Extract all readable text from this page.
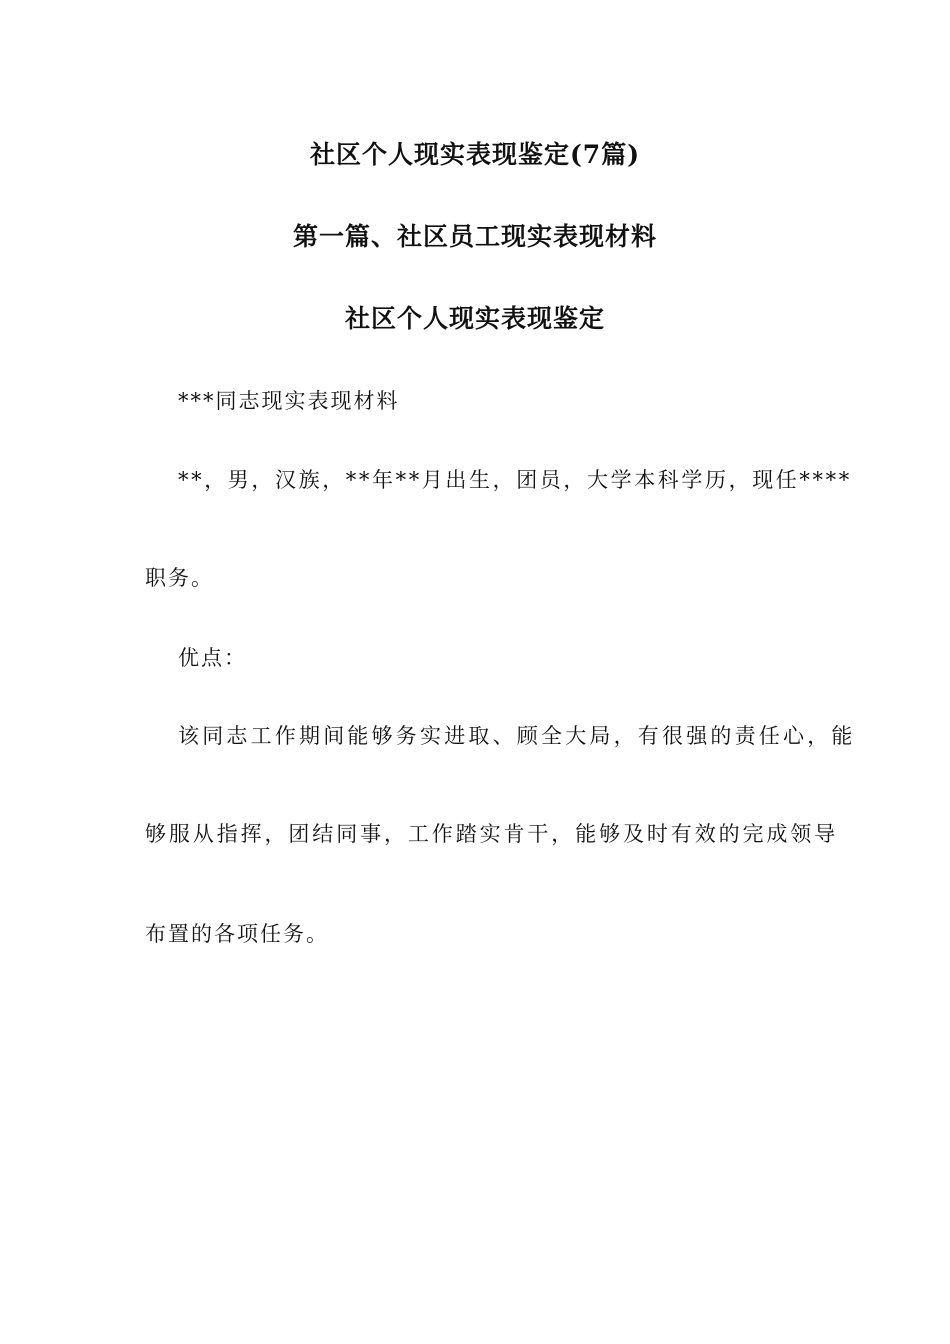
社区个人现实表现鉴定(7篇)
第一篇、社区员工现实表现材料
社区个人现实表现鉴定
***同志现实表现材料
**，男，汉族，**年**月出生，团员，大学本科学历，现任****
职务。
优点：
该同志工作期间能够务实进取、顾全大局，有很强的责任心，能
够服从指挥，团结同事，工作踏实肯干，能够及时有效的完成领导
布置的各项任务。
